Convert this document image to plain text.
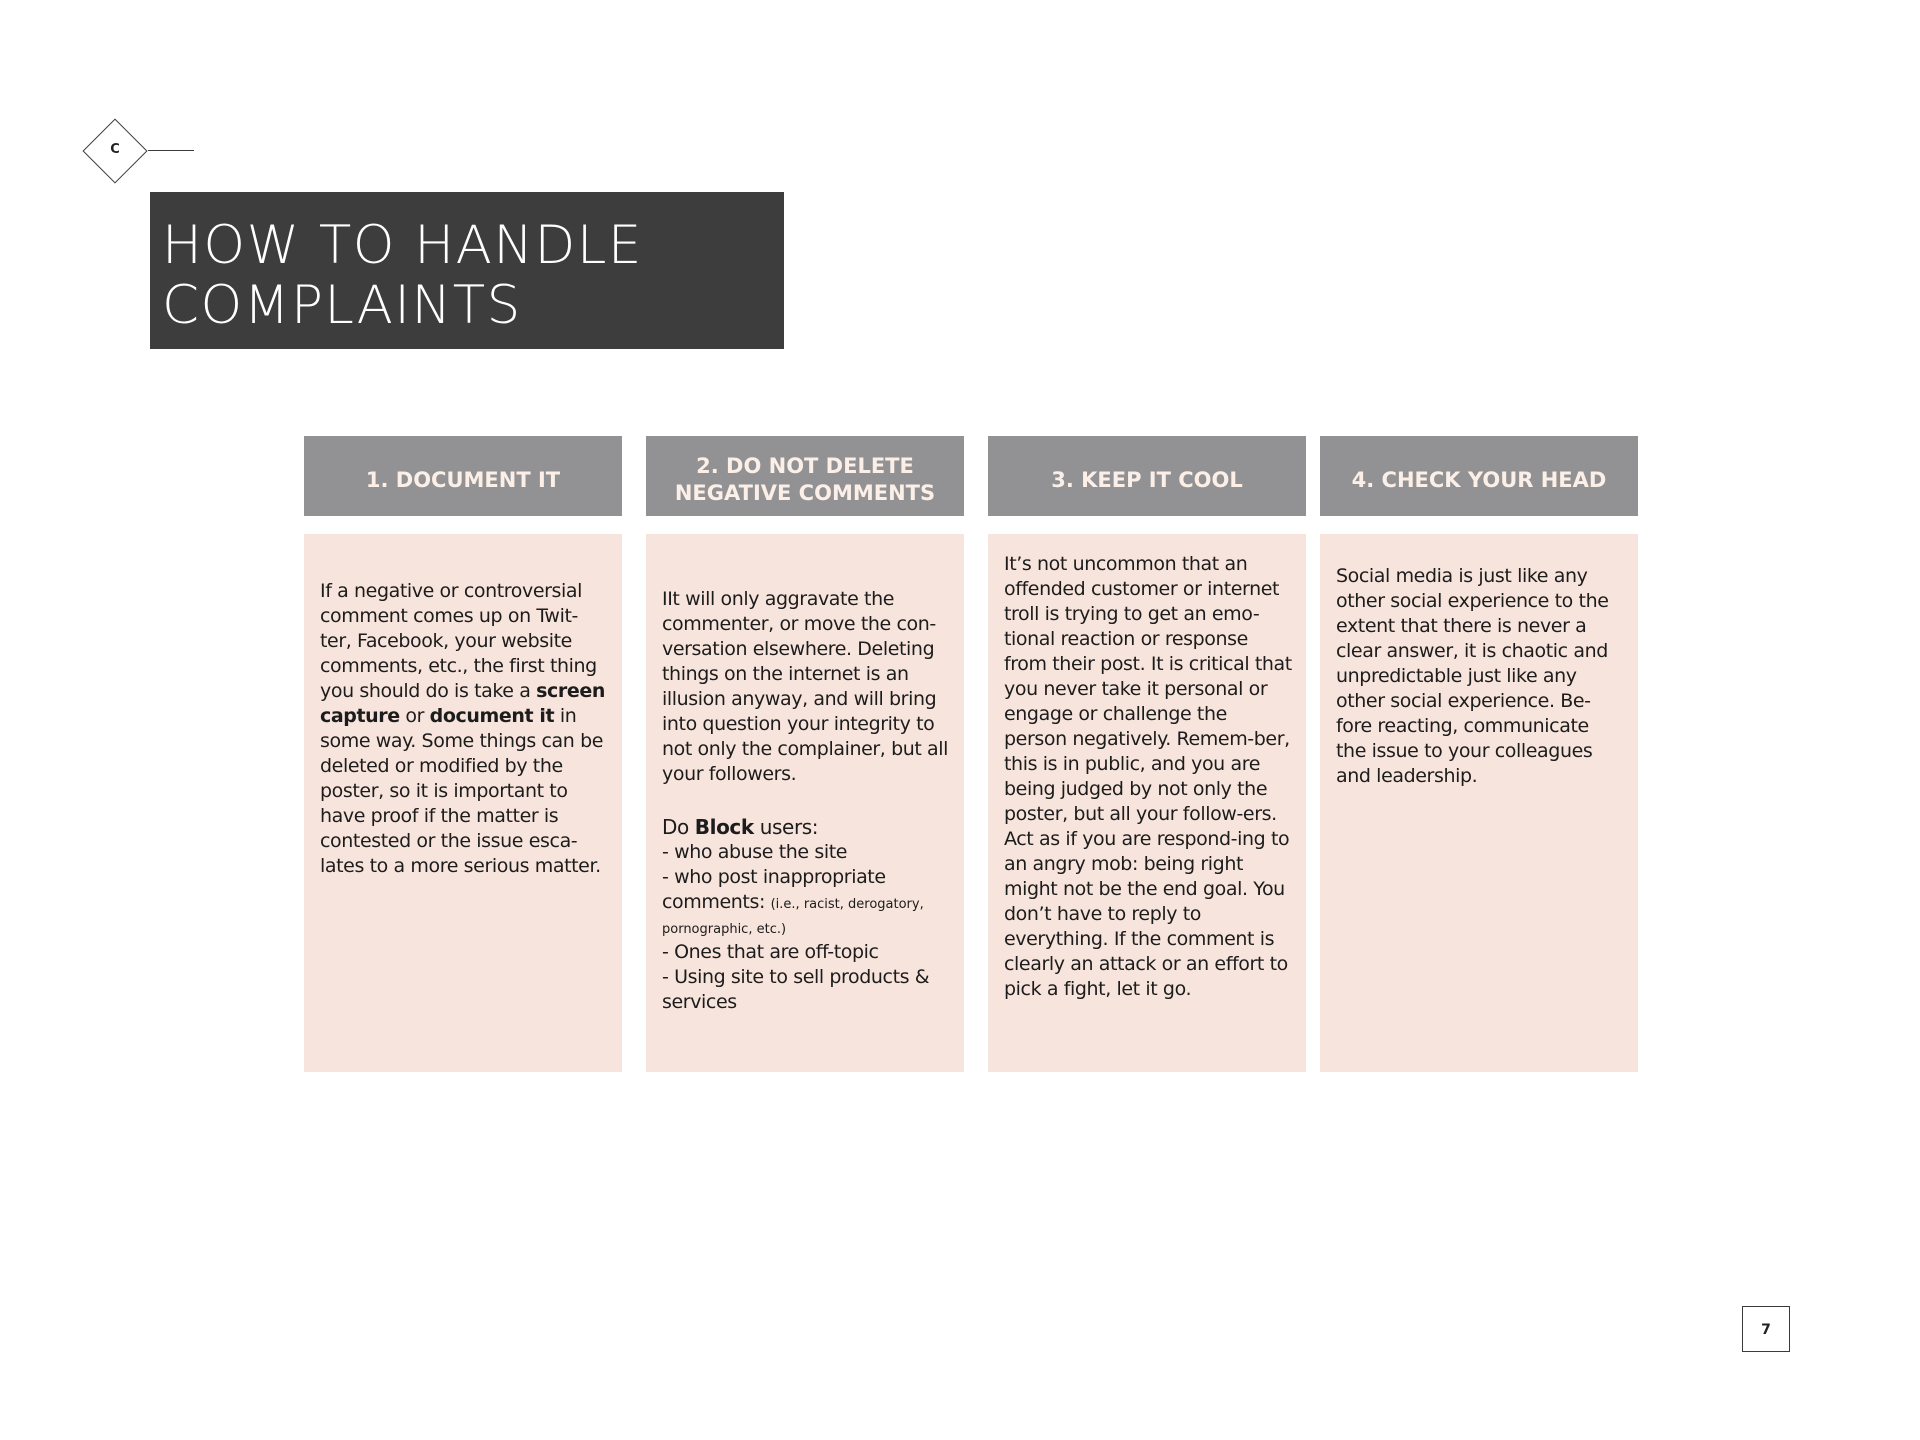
C
HOW TO HANDLE
COMPLAINTS
1. DOCUMENT IT

If a negative or controversial comment comes up on Twit-ter, Facebook, your website comments, etc., the first thing you should do is take a screen capture or document it in some way. Some things can be deleted or modified by the poster, so it is important to have proof if the matter is contested or the issue esca-lates to a more serious matter.

2. DO NOT DELETE
NEGATIVE COMMENTS

IIt will only aggravate the commenter, or move the con-versation elsewhere. Deleting things on the internet is an illusion anyway, and will bring into question your integrity to not only the complainer, but all your followers.

Do Block users:

- who abuse the site

- who post inappropriate comments: (i.e., racist, derogatory, pornographic, etc.)

- Ones that are off-topic

- Using site to sell products & services

3. KEEP IT COOL

It’s not uncommon that an offended customer or internet troll is trying to get an emo-tional reaction or response from their post. It is critical that you never take it personal or engage or challenge the person negatively. Remem-ber, this is in public, and you are being judged by not only the poster, but all your follow-ers. Act as if you are respond-ing to an angry mob: being right might not be the end goal. You don’t have to reply to everything. If the comment is clearly an attack or an effort to pick a fight, let it go.

4. CHECK YOUR HEAD

Social media is just like any other social experience to the extent that there is never a clear answer, it is chaotic and unpredictable just like any other social experience. Be-fore reacting, communicate the issue to your colleagues and leadership.

7
